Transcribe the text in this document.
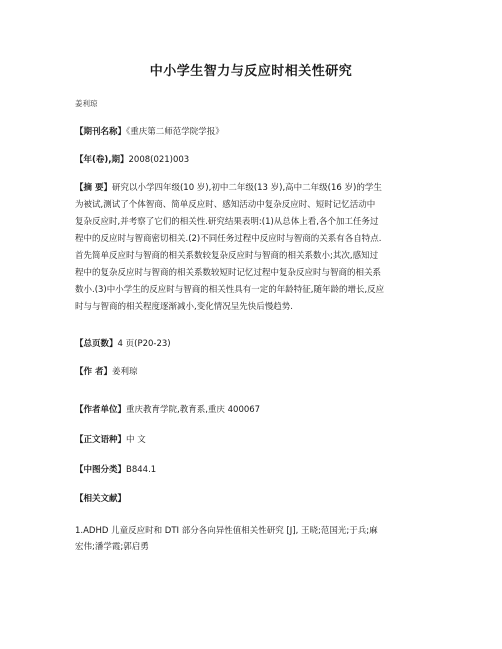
中小学生智力与反应时相关性研究
姜利琼
【期刊名称】《重庆第二师范学院学报》
【年(卷),期】2008(021)003
【摘 要】研究以小学四年级(10 岁),初中二年级(13 岁),高中二年级(16 岁)的学生
为被试,测试了个体智商、简单反应时、感知活动中复杂反应时、短时记忆活动中
复杂反应时,并考察了它们的相关性.研究结果表明:(1)从总体上看,各个加工任务过
程中的反应时与智商密切相关.(2)不同任务过程中反应时与智商的关系有各自特点.
首先简单反应时与智商的相关系数较复杂反应时与智商的相关系数小;其次,感知过
程中的复杂反应时与智商的相关系数较短时记忆过程中复杂反应时与智商的相关系
数小.(3)中小学生的反应时与智商的相关性具有一定的年龄特征,随年龄的增长,反应
时与与智商的相关程度逐渐减小,变化情况呈先快后慢趋势.
【总页数】4 页(P20-23)
【作 者】姜利琼
【作者单位】重庆教育学院,教育系,重庆 400067
【正文语种】中 文
【中图分类】B844.1
【相关文献】
1.ADHD 儿童反应时和 DTI 部分各向异性值相关性研究 [J], 王晓;范国光;于兵;麻
宏伟;潘学霞;郭启勇
